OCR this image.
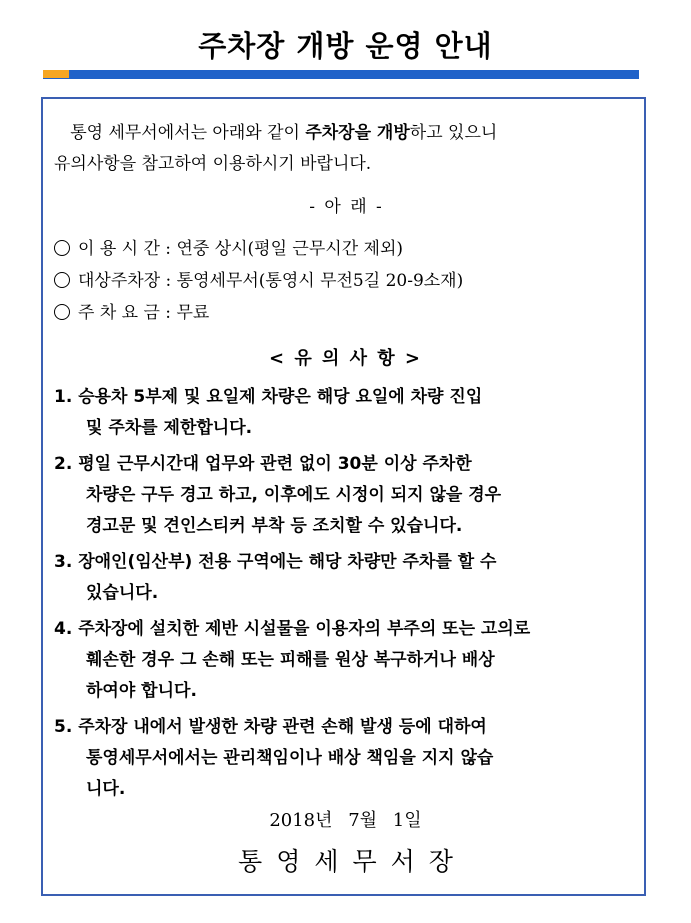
주차장 개방 운영 안내
통영 세무서에서는 아래와 같이 주차장을 개방하고 있으니
유의사항을 참고하여 이용하시기 바랍니다.
- 아 래 -
이 용 시 간 : 연중 상시(평일 근무시간 제외)
대상주차장 : 통영세무서(통영시 무전5길 20-9소재)
주 차 요 금 : 무료
< 유 의 사 항 >
1. 승용차 5부제 및 요일제 차량은 해당 요일에 차량 진입
및 주차를 제한합니다.
2. 평일 근무시간대 업무와 관련 없이 30분 이상 주차한
차량은 구두 경고 하고, 이후에도 시정이 되지 않을 경우
경고문 및 견인스티커 부착 등 조치할 수 있습니다.
3. 장애인(임산부) 전용 구역에는 해당 차량만 주차를 할 수
있습니다.
4. 주차장에 설치한 제반 시설물을 이용자의 부주의 또는 고의로
훼손한 경우 그 손해 또는 피해를 원상 복구하거나 배상
하여야 합니다.
5. 주차장 내에서 발생한 차량 관련 손해 발생 등에 대하여
통영세무서에서는 관리책임이나 배상 책임을 지지 않습
니다.
2018년 7월 1일
통영세무서장
